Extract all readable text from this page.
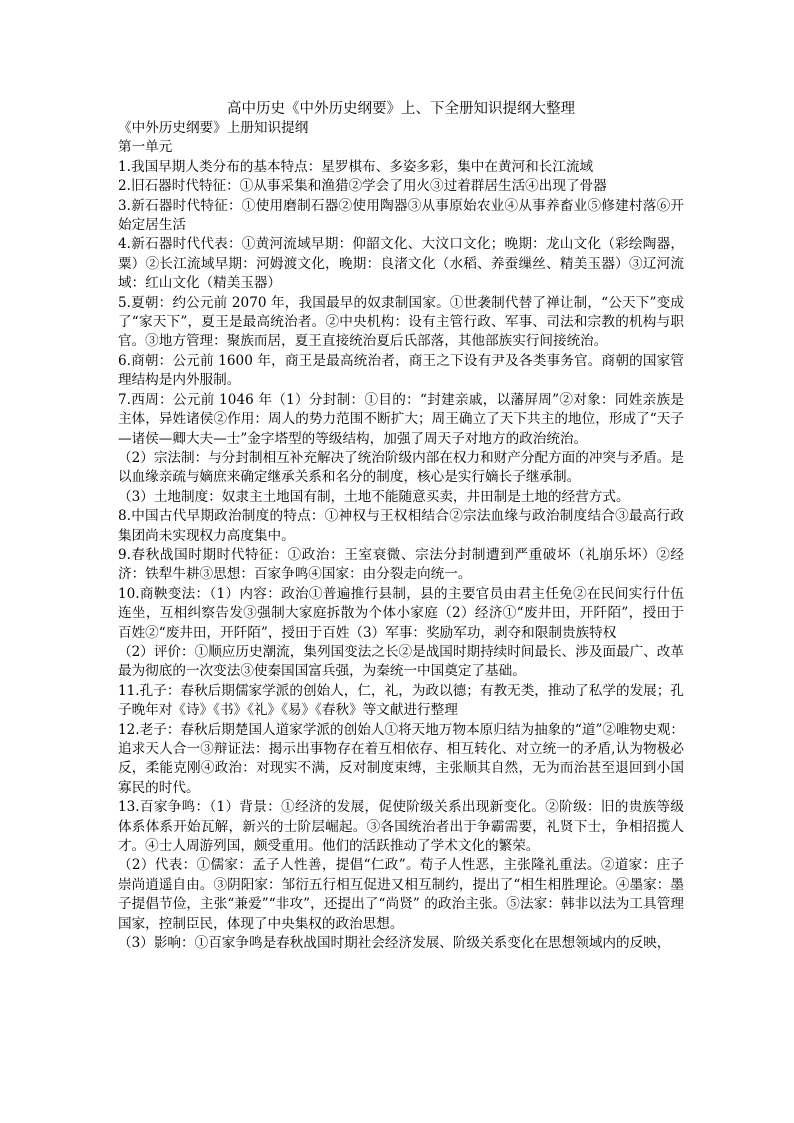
高中历史《中外历史纲要》上、下全册知识提纲大整理

《中外历史纲要》上册知识提纲

第一单元

1.我国早期人类分布的基本特点：星罗棋布、多姿多彩，集中在黄河和长江流域

2.旧石器时代特征：①从事采集和渔猎②学会了用火③过着群居生活④出现了骨器

3.新石器时代特征：①使用磨制石器②使用陶器③从事原始农业④从事养畜业⑤修建村落⑥开始定居生活

4.新石器时代代表：①黄河流域早期：仰韶文化、大汶口文化；晚期：龙山文化（彩绘陶器，粟）②长江流域早期：河姆渡文化，晚期：良渚文化（水稻、养蚕缫丝、精美玉器）③辽河流域：红山文化（精美玉器）

5.夏朝：约公元前 2070 年，我国最早的奴隶制国家。①世袭制代替了禅让制，“公天下”变成了“家天下”，夏王是最高统治者。②中央机构：设有主管行政、军事、司法和宗教的机构与职官。③地方管理：聚族而居，夏王直接统治夏后氏部落，其他部族实行间接统治。

6.商朝：公元前 1600 年，商王是最高统治者，商王之下设有尹及各类事务官。商朝的国家管理结构是内外服制。

7.西周：公元前 1046 年（1）分封制：①目的：“封建亲戚，以藩屏周”②对象：同姓亲族是主体，异姓诸侯②作用：周人的势力范围不断扩大；周王确立了天下共主的地位，形成了“天子—诸侯—卿大夫—士”金字塔型的等级结构，加强了周天子对地方的政治统治。

（2）宗法制：与分封制相互补充解决了统治阶级内部在权力和财产分配方面的冲突与矛盾。是以血缘亲疏与嫡庶来确定继承关系和名分的制度，核心是实行嫡长子继承制。

（3）土地制度：奴隶主土地国有制，土地不能随意买卖，井田制是土地的经营方式。

8.中国古代早期政治制度的特点：①神权与王权相结合②宗法血缘与政治制度结合③最高行政集团尚未实现权力高度集中。

9.春秋战国时期时代特征：①政治：王室衰微、宗法分封制遭到严重破坏（礼崩乐坏）②经济：铁犁牛耕③思想：百家争鸣④国家：由分裂走向统一。

10.商鞅变法：（1）内容：政治①普遍推行县制，县的主要官员由君主任免②在民间实行什伍连坐，互相纠察告发③强制大家庭拆散为个体小家庭（2）经济①“废井田，开阡陌”，授田于百姓②“废井田，开阡陌”，授田于百姓（3）军事：奖励军功，剥夺和限制贵族特权

（2）评价：①顺应历史潮流，集列国变法之长②是战国时期持续时间最长、涉及面最广、改革最为彻底的一次变法③使秦国国富兵强，为秦统一中国奠定了基础。

11.孔子：春秋后期儒家学派的创始人，仁，礼，为政以德；有教无类，推动了私学的发展；孔子晚年对《诗》《书》《礼》《易》《春秋》等文献进行整理

12.老子：春秋后期楚国人道家学派的创始人①将天地万物本原归结为抽象的“道”②唯物史观：追求天人合一③辩证法：揭示出事物存在着互相依存、相互转化、对立统一的矛盾,认为物极必反，柔能克刚④政治：对现实不满，反对制度束缚，主张顺其自然，无为而治甚至退回到小国寡民的时代。

13.百家争鸣：（1）背景：①经济的发展，促使阶级关系出现新变化。②阶级：旧的贵族等级体系体系开始瓦解，新兴的士阶层崛起。③各国统治者出于争霸需要，礼贤下士，争相招揽人才。④士人周游列国，颇受重用。他们的活跃推动了学术文化的繁荣。

（2）代表：①儒家：孟子人性善，提倡“仁政”。荀子人性恶，主张隆礼重法。②道家：庄子崇尚逍遥自由。③阴阳家：邹衍五行相互促进又相互制约，提出了“相生相胜理论。④墨家：墨子提倡节俭，主张“兼爱”“非攻”，还提出了“尚贤” 的政治主张。⑤法家：韩非以法为工具管理国家，控制臣民，体现了中央集权的政治思想。

（3）影响：①百家争鸣是春秋战国时期社会经济发展、阶级关系变化在思想领域内的反映，
